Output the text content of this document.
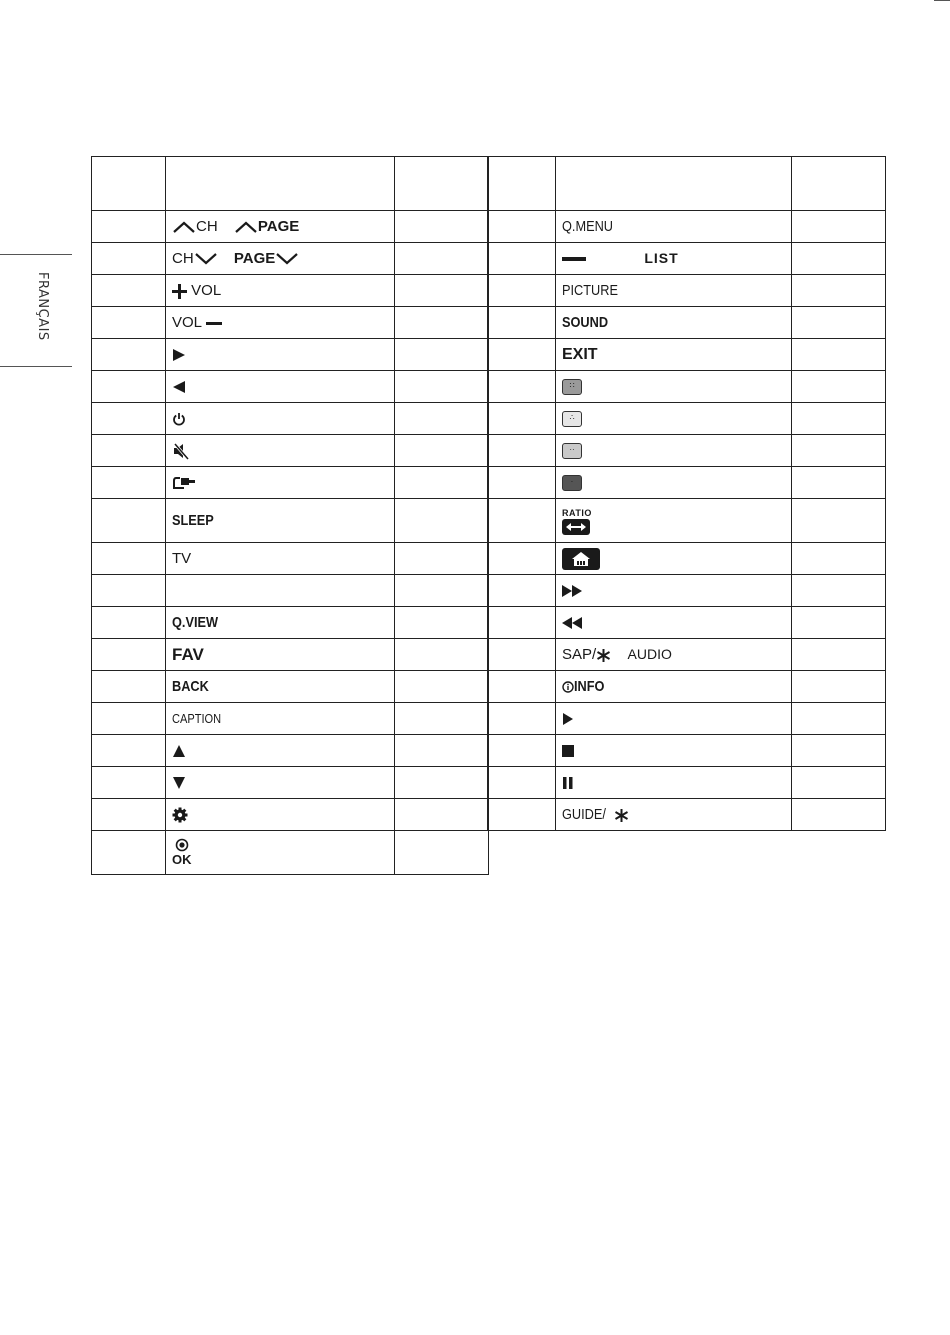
FRANÇAIS

	CH PAGE	
	CH PAGE	
	VOL	
	VOL	

	SLEEP	
	TV	

	Q.VIEW	
	FAV	
	BACK	
	CAPTION	

OK	

	Q.MENU	
	LIST	
	PICTURE	
	SOUND	
	EXIT	
	∷	
	∴	
	··	
	·	
	RATIO

	SAP/ AUDIO	
	INFO	

	GUIDE/	
